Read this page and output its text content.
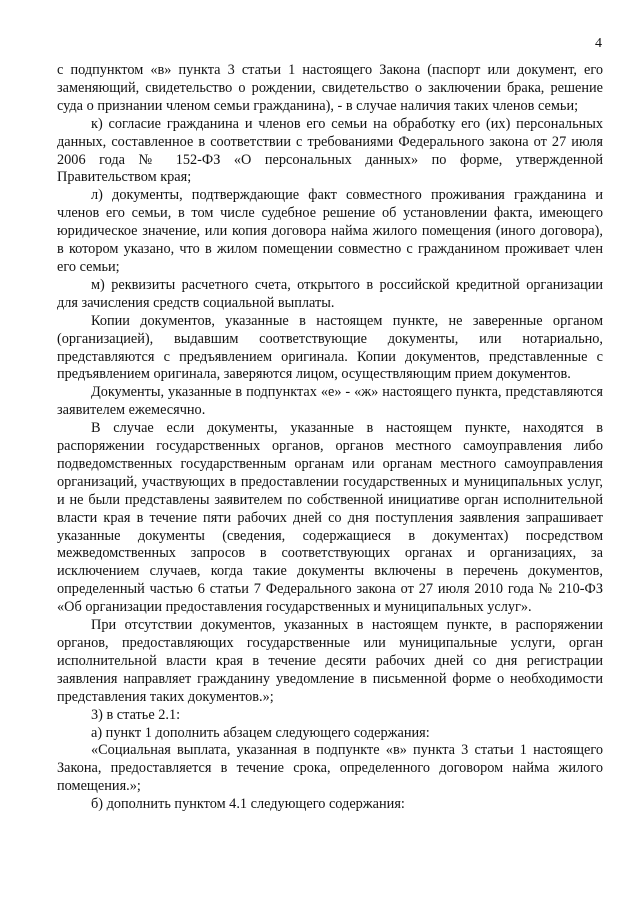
4

с подпунктом «в» пункта 3 статьи 1 настоящего Закона (паспорт или документ, его заменяющий, свидетельство о рождении, свидетельство о заключении брака, решение суда о признании членом семьи гражданина), - в случае наличия таких членов семьи;

к) согласие гражданина и членов его семьи на обработку его (их) персональных данных, составленное в соответствии с требованиями Федерального закона от 27 июля 2006 года № 152-ФЗ «О персональных данных» по форме, утвержденной Правительством края;

л) документы, подтверждающие факт совместного проживания гражданина и членов его семьи, в том числе судебное решение об установлении факта, имеющего юридическое значение, или копия договора найма жилого помещения (иного договора), в котором указано, что в жилом помещении совместно с гражданином проживает член его семьи;

м) реквизиты расчетного счета, открытого в российской кредитной организации для зачисления средств социальной выплаты.

Копии документов, указанные в настоящем пункте, не заверенные органом (организацией), выдавшим соответствующие документы, или нотариально, представляются с предъявлением оригинала. Копии документов, представленные с предъявлением оригинала, заверяются лицом, осуществляющим прием документов.

Документы, указанные в подпунктах «е» - «ж» настоящего пункта, представляются заявителем ежемесячно.

В случае если документы, указанные в настоящем пункте, находятся в распоряжении государственных органов, органов местного самоуправления либо подведомственных государственным органам или органам местного самоуправления организаций, участвующих в предоставлении государственных и муниципальных услуг, и не были представлены заявителем по собственной инициативе орган исполнительной власти края в течение пяти рабочих дней со дня поступления заявления запрашивает указанные документы (сведения, содержащиеся в документах) посредством межведомственных запросов в соответствующих органах и организациях, за исключением случаев, когда такие документы включены в перечень документов, определенный частью 6 статьи 7 Федерального закона от 27 июля 2010 года № 210-ФЗ «Об организации предоставления государственных и муниципальных услуг».

При отсутствии документов, указанных в настоящем пункте, в распоряжении органов, предоставляющих государственные или муниципальные услуги, орган исполнительной власти края в течение десяти рабочих дней со дня регистрации заявления направляет гражданину уведомление в письменной форме о необходимости представления таких документов.»;

3) в статье 2.1:

а) пункт 1 дополнить абзацем следующего содержания:

«Социальная выплата, указанная в подпункте «в» пункта 3 статьи 1 настоящего Закона, предоставляется в течение срока, определенного договором найма жилого помещения.»;

б) дополнить пунктом 4.1 следующего содержания:
